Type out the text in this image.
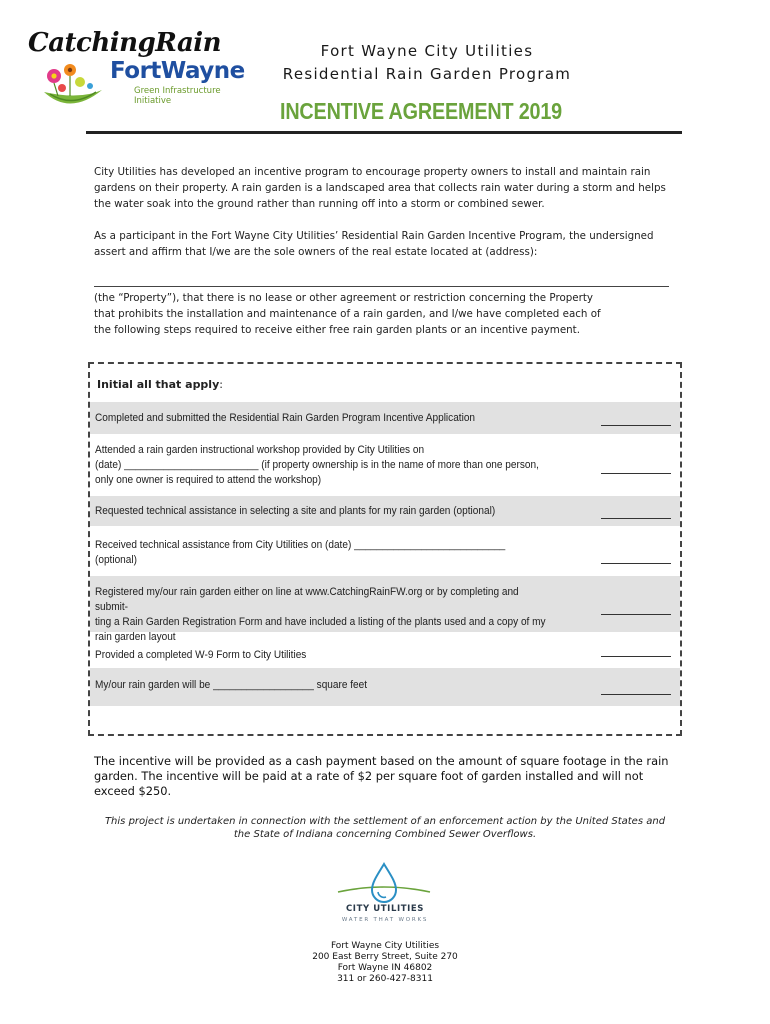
CatchingRain
FortWayne
Green Infrastructure
Initiative
Fort Wayne City Utilities
Residential Rain Garden Program
INCENTIVE AGREEMENT 2019
City Utilities has developed an incentive program to encourage property owners to install and maintain rain gardens on their property. A rain garden is a landscaped area that collects rain water during a storm and helps the water soak into the ground rather than running off into a storm or combined sewer.
As a participant in the Fort Wayne City Utilities’ Residential Rain Garden Incentive Program, the undersigned assert and affirm that I/we are the sole owners of the real estate located at (address):
(the “Property”), that there is no lease or other agreement or restriction concerning the Property that prohibits the installation and maintenance of a rain garden, and I/we have completed each of the following steps required to receive either free rain garden plants or an incentive payment.
Initial all that apply:
Completed and submitted the Residential Rain Garden Program Incentive Application
Attended a rain garden instructional workshop provided by City Utilities on
(date) ________________________ (if property ownership is in the name of more than one person,
only one owner is required to attend the workshop)
Requested technical assistance in selecting a site and plants for my rain garden (optional)
Received technical assistance from City Utilities on (date) ___________________________ (optional)
Registered my/our rain garden either on line at www.CatchingRainFW.org or by completing and submit-
ting a Rain Garden Registration Form and have included a listing of the plants used and a copy of my
rain garden layout
Provided a completed W-9 Form to City Utilities
My/our rain garden will be __________________ square feet
The incentive will be provided as a cash payment based on the amount of square footage in the rain garden. The incentive will be paid at a rate of $2 per square foot of garden installed and will not exceed $250.
This project is undertaken in connection with the settlement of an enforcement action by the United States and the State of Indiana concerning Combined Sewer Overflows.
CITY UTILITIES
WATER THAT WORKS
Fort Wayne City Utilities
200 East Berry Street, Suite 270
Fort Wayne IN 46802
311 or 260-427-8311
